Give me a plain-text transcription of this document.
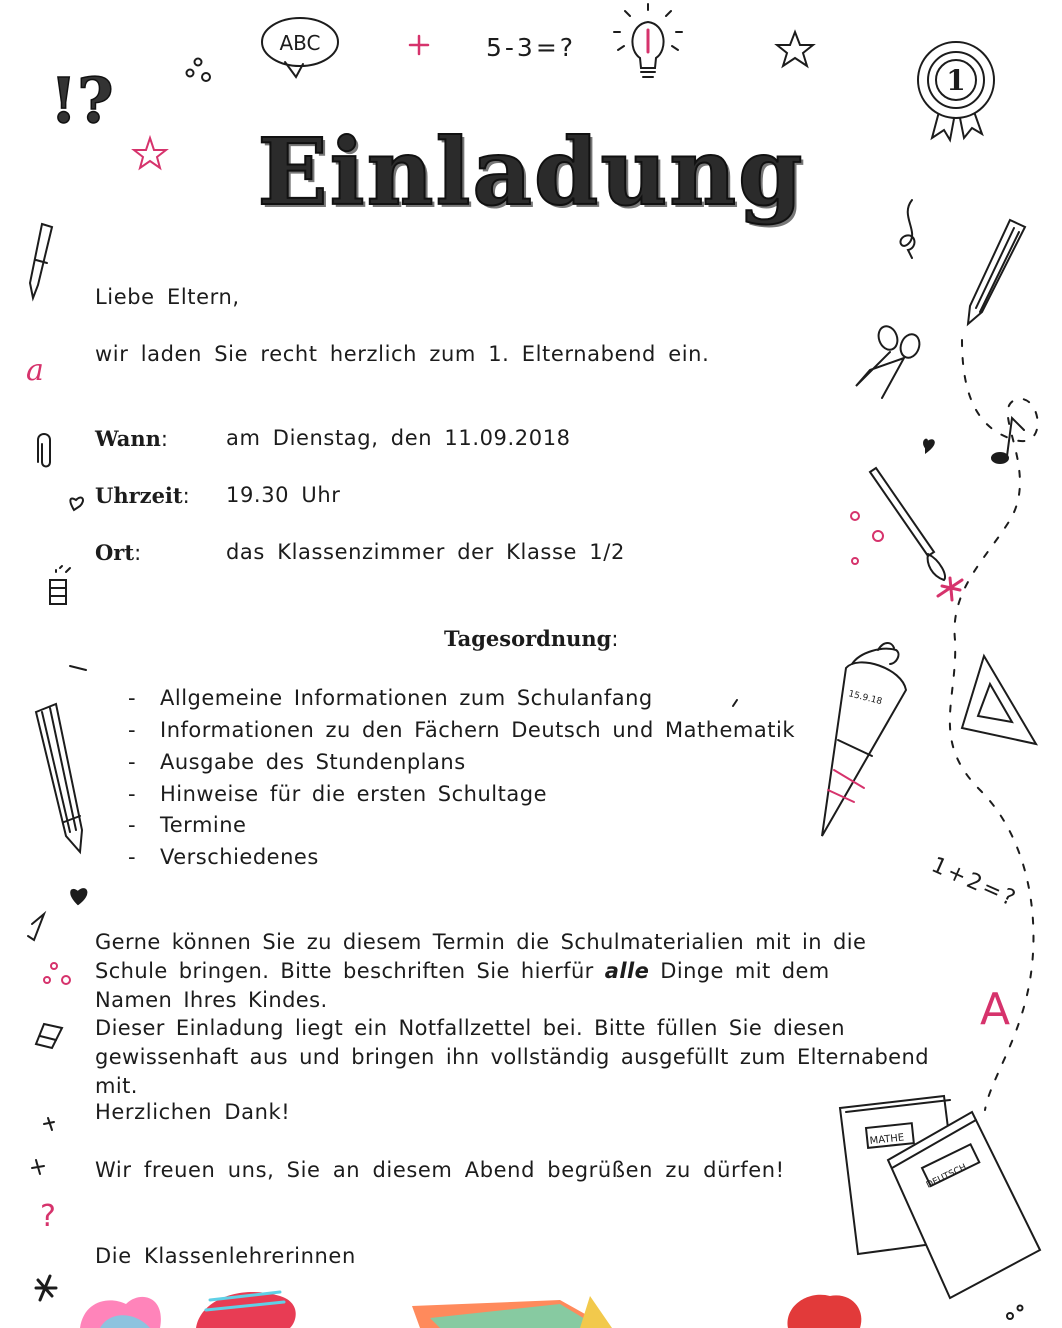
!?
ABC	5-3=?
1
a
15.9.18
1+2=?
A
?
MATHE
DEUTSCH
Einladung
Liebe Eltern,
wir laden Sie recht herzlich zum 1. Elternabend ein.
Wann:	am Dienstag, den 11.09.2018
Uhrzeit: 19.30 Uhr
Ort:	das Klassenzimmer der Klasse 1/2
Tagesordnung:
- Allgemeine Informationen zum Schulanfang
- Informationen zu den Fächern Deutsch und Mathematik
- Ausgabe des Stundenplans
- Hinweise für die ersten Schultage
- Termine
- Verschiedenes
Gerne können Sie zu diesem Termin die Schulmaterialien mit in die Schule bringen. Bitte beschriften Sie hierfür alle Dinge mit dem Namen Ihres Kindes.
Dieser Einladung liegt ein Notfallzettel bei. Bitte füllen Sie diesen gewissenhaft aus und bringen ihn vollständig ausgefüllt zum Elternabend mit.
Herzlichen Dank!
Wir freuen uns, Sie an diesem Abend begrüßen zu dürfen!
Die Klassenlehrerinnen
